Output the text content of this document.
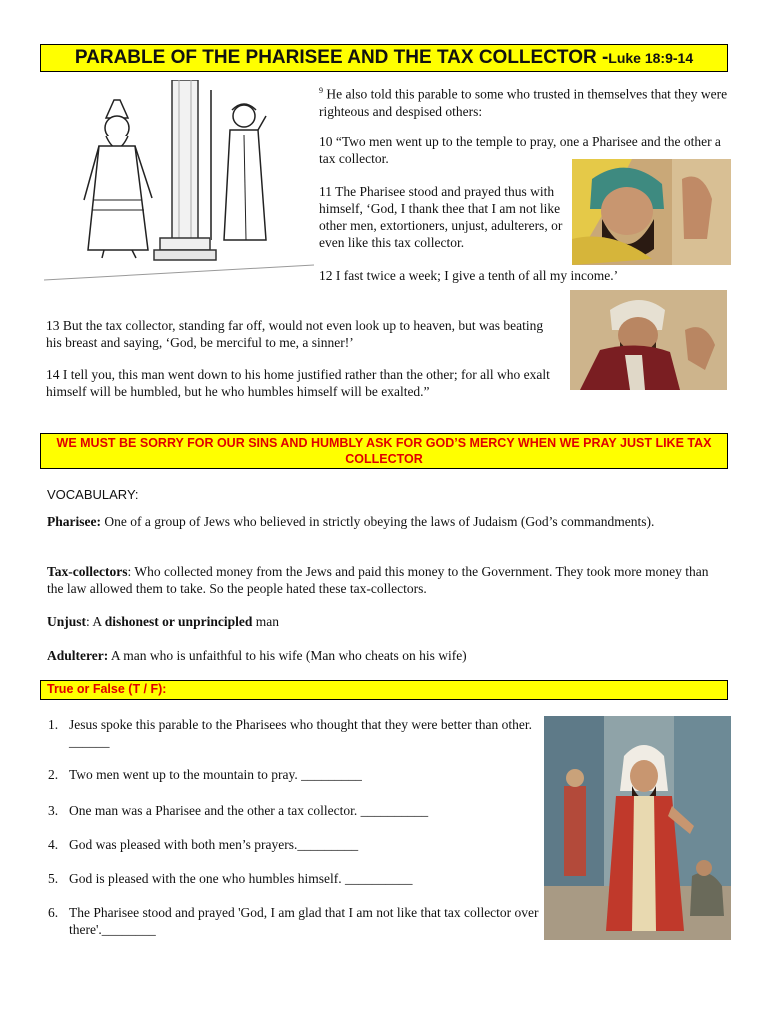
PARABLE OF THE PHARISEE AND THE TAX COLLECTOR -Luke 18:9-14
$^9$ He also told this parable to some who trusted in themselves that they were righteous and despised others:
10 “Two men went up to the temple to pray, one a Pharisee and the other a tax collector.
11 The Pharisee stood and prayed thus with himself, ‘God, I thank thee that I am not like other men, extortioners, unjust, adulterers, or even like this tax collector.
12 I fast twice a week; I give a tenth of all my income.’
13 But the tax collector, standing far off, would not even look up to heaven, but was beating his breast and saying, ‘God, be merciful to me, a sinner!’
14 I tell you, this man went down to his home justified rather than the other; for all who exalt himself will be humbled, but he who humbles himself will be exalted.”
WE MUST BE SORRY FOR OUR SINS AND HUMBLY ASK FOR GOD’S MERCY WHEN WE PRAY JUST LIKE TAX COLLECTOR
VOCABULARY:
Pharisee: One of a group of Jews who believed in strictly obeying the laws of Judaism (God’s commandments).
Tax-collectors: Who collected money from the Jews and paid this money to the Government. They took more money than the law allowed them to take. So the people hated these tax-collectors.
Unjust: A dishonest or unprincipled man
Adulterer: A man who is unfaithful to his wife (Man who cheats on his wife)
True or False (T / F):
1. Jesus spoke this parable to the Pharisees who thought that they were better than other. ______
2. Two men went up to the mountain to pray. _________
3. One man was a Pharisee and the other a tax collector. __________
4. God was pleased with both men’s prayers._________
5. God is pleased with the one who humbles himself. __________
6. The Pharisee stood and prayed 'God, I am glad that I am not like that tax collector over there'.________
